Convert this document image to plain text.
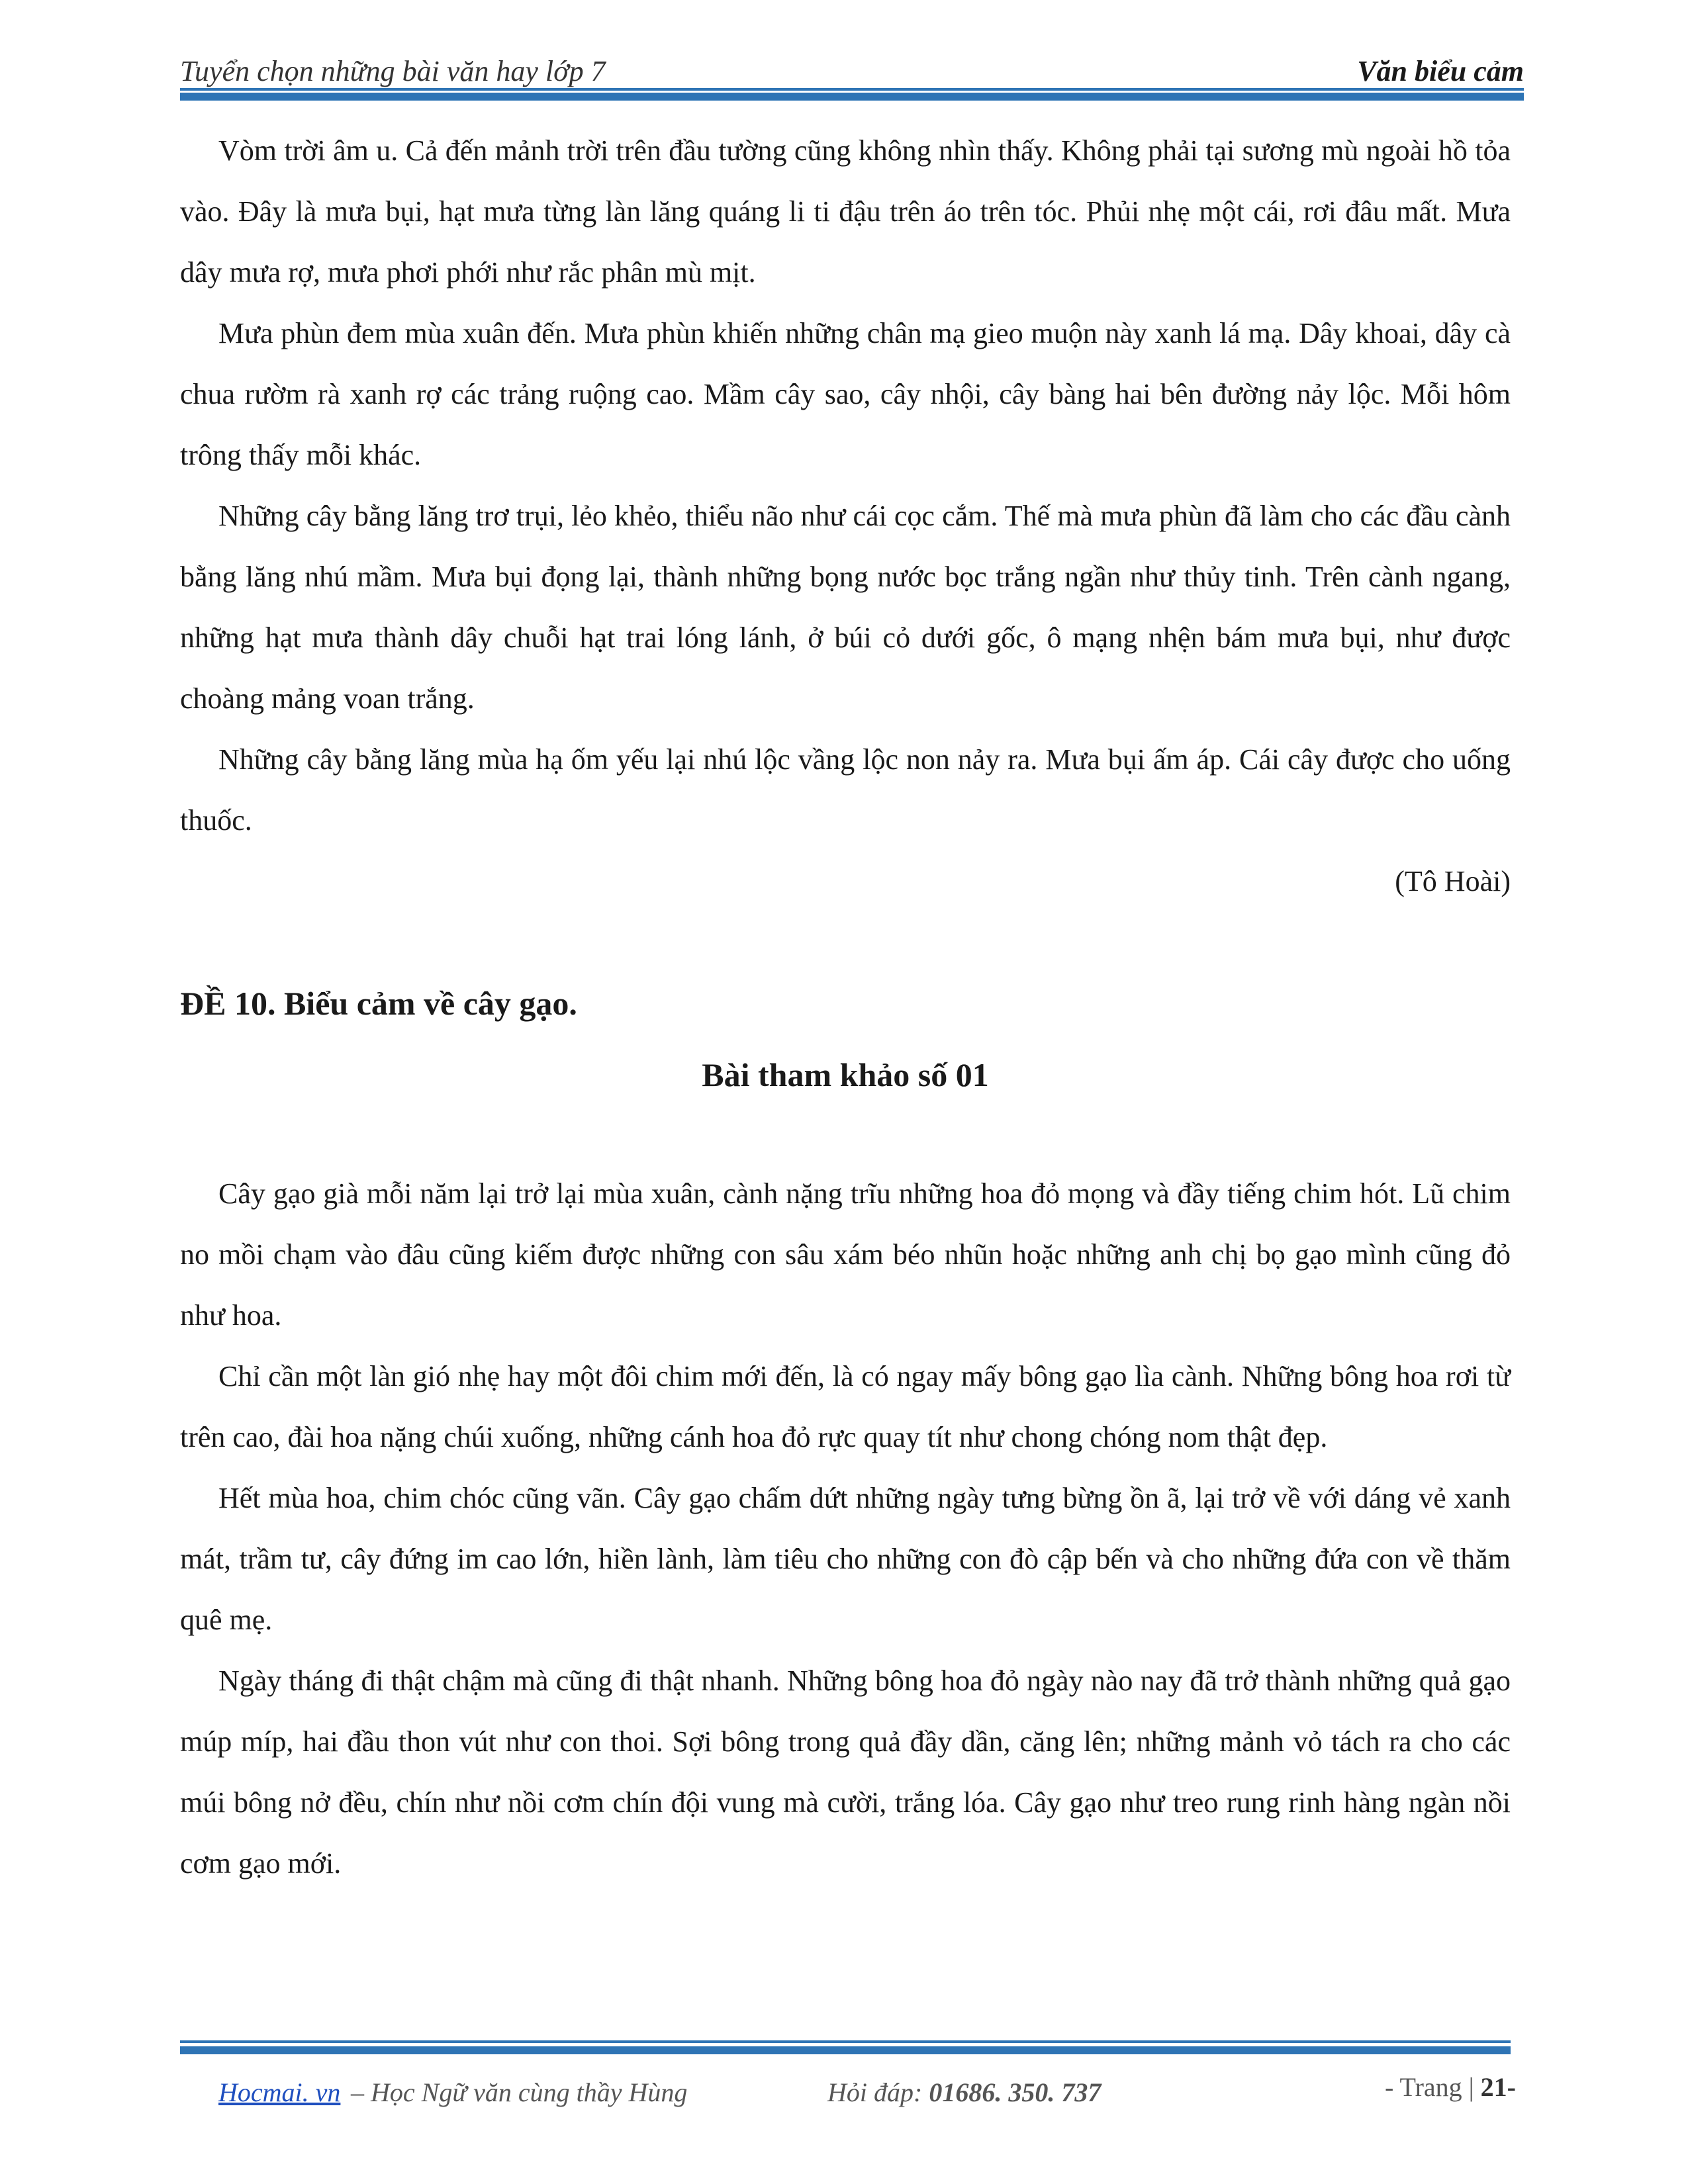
Tuyển chọn những bài văn hay lớp 7	Văn biểu cảm

Vòm trời âm u. Cả đến mảnh trời trên đầu tường cũng không nhìn thấy. Không phải tại sương mù ngoài hồ tỏa vào. Đây là mưa bụi, hạt mưa từng làn lăng quáng li ti đậu trên áo trên tóc. Phủi nhẹ một cái, rơi đâu mất. Mưa dây mưa rợ, mưa phơi phới như rắc phân mù mịt.

Mưa phùn đem mùa xuân đến. Mưa phùn khiến những chân mạ gieo muộn này xanh lá mạ. Dây khoai, dây cà chua rườm rà xanh rợ các trảng ruộng cao. Mầm cây sao, cây nhội, cây bàng hai bên đường nảy lộc. Mỗi hôm trông thấy mỗi khác.

Những cây bằng lăng trơ trụi, lẻo khẻo, thiểu não như cái cọc cắm. Thế mà mưa phùn đã làm cho các đầu cành bằng lăng nhú mầm. Mưa bụi đọng lại, thành những bọng nước bọc trắng ngần như thủy tinh. Trên cành ngang, những hạt mưa thành dây chuỗi hạt trai lóng lánh, ở búi cỏ dưới gốc, ô mạng nhện bám mưa bụi, như được choàng mảng voan trắng.

Những cây bằng lăng mùa hạ ốm yếu lại nhú lộc vầng lộc non nảy ra. Mưa bụi ấm áp. Cái cây được cho uống thuốc.

(Tô Hoài)

ĐỀ 10. Biểu cảm về cây gạo.
Bài tham khảo số 01

Cây gạo già mỗi năm lại trở lại mùa xuân, cành nặng trĩu những hoa đỏ mọng và đầy tiếng chim hót. Lũ chim no mồi chạm vào đâu cũng kiếm được những con sâu xám béo nhũn hoặc những anh chị bọ gạo mình cũng đỏ như hoa.

Chỉ cần một làn gió nhẹ hay một đôi chim mới đến, là có ngay mấy bông gạo lìa cành. Những bông hoa rơi từ trên cao, đài hoa nặng chúi xuống, những cánh hoa đỏ rực quay tít như chong chóng nom thật đẹp.

Hết mùa hoa, chim chóc cũng vãn. Cây gạo chấm dứt những ngày tưng bừng ồn ã, lại trở về với dáng vẻ xanh mát, trầm tư, cây đứng im cao lớn, hiền lành, làm tiêu cho những con đò cập bến và cho những đứa con về thăm quê mẹ.

Ngày tháng đi thật chậm mà cũng đi thật nhanh. Những bông hoa đỏ ngày nào nay đã trở thành những quả gạo múp míp, hai đầu thon vút như con thoi. Sợi bông trong quả đầy dần, căng lên; những mảnh vỏ tách ra cho các múi bông nở đều, chín như nồi cơm chín đội vung mà cười, trắng lóa. Cây gạo như treo rung rinh hàng ngàn nồi cơm gạo mới.

Hocmai. vn – Học Ngữ văn cùng thầy Hùng	Hỏi đáp: 01686. 350. 737	- Trang | 21-
